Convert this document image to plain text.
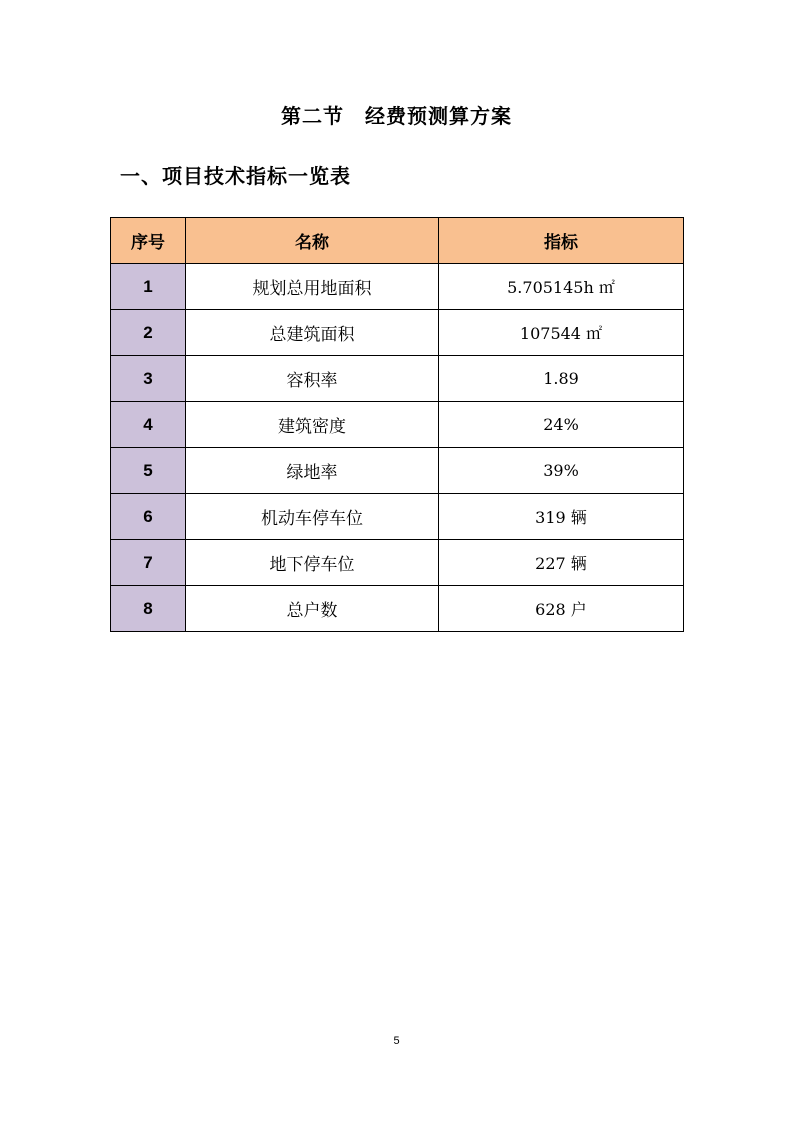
第二节　经费预测算方案
一、项目技术指标一览表
序号	名称	指标
1	规划总用地面积	5.705145h ㎡
2	总建筑面积	107544 ㎡
3	容积率	1.89
4	建筑密度	24%
5	绿地率	39%
6	机动车停车位	319 辆
7	地下停车位	227 辆
8	总户数	628 户
5
